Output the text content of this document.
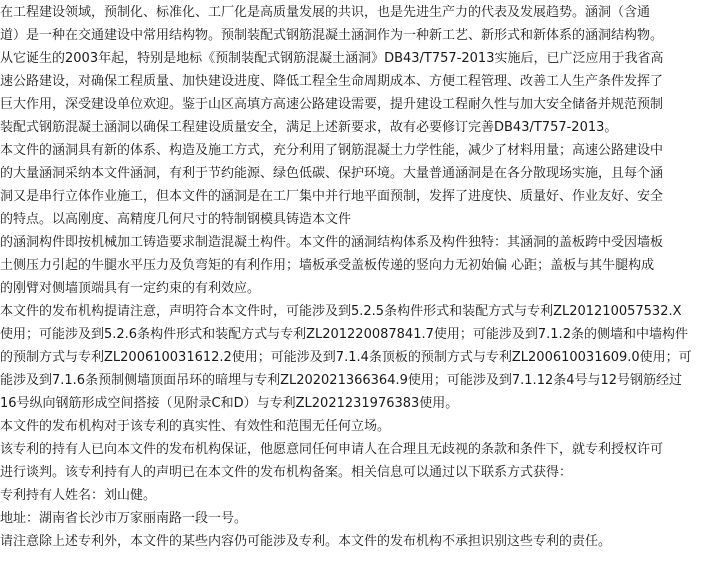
在工程建设领域，预制化、标准化、工厂化是高质量发展的共识，也是先进生产力的代表及发展趋势。涵洞（含通
道）是一种在交通建设中常用结构物。预制装配式钢筋混凝土涵洞作为一种新工艺、新形式和新体系的涵洞结构物。
从它诞生的2003年起，特别是地标《预制装配式钢筋混凝土涵洞》DB43/T757-2013实施后，已广泛应用于我省高
速公路建设，对确保工程质量、加快建设进度、降低工程全生命周期成本、方便工程管理、改善工人生产条件发挥了
巨大作用，深受建设单位欢迎。鉴于山区高填方高速公路建设需要，提升建设工程耐久性与加大安全储备并规范预制
装配式钢筋混凝土涵洞以确保工程建设质量安全，满足上述新要求，故有必要修订完善DB43/T757-2013。
本文件的涵洞具有新的体系、构造及施工方式，充分利用了钢筋混凝土力学性能，减少了材料用量；高速公路建设中
的大量涵洞采纳本文件涵洞，有利于节约能源、绿色低碳、保护环境。大量普通涵洞是在各分散现场实施，且每个涵
洞又是串行立体作业施工，但本文件的涵洞是在工厂集中并行地平面预制，发挥了进度快、质量好、作业友好、安全
的特点。以高刚度、高精度几何尺寸的特制钢模具铸造本文件
的涵洞构件即按机械加工铸造要求制造混凝土构件。本文件的涵洞结构体系及构件独特：其涵洞的盖板跨中受因墙板
土侧压力引起的牛腿水平压力及负弯矩的有利作用；墙板承受盖板传递的竖向力无初始偏 心距；盖板与其牛腿构成
的刚臂对侧墙顶端具有一定约束的有利效应。
本文件的发布机构提请注意，声明符合本文件时，可能涉及到5.2.5条构件形式和装配方式与专利ZL201210057532.X
使用；可能涉及到5.2.6条构件形式和装配方式与专利ZL201220087841.7使用；可能涉及到7.1.2条的侧墙和中墙构件
的预制方式与专利ZL200610031612.2使用；可能涉及到7.1.4条顶板的预制方式与专利ZL200610031609.0使用；可
能涉及到7.1.6条预制侧墙顶面吊环的暗埋与专利ZL202021366364.9使用；可能涉及到7.1.12条4号与12号钢筋经过
16号纵向钢筋形成空间搭接（见附录C和D）与专利ZL2021231976383使用。
本文件的发布机构对于该专利的真实性、有效性和范围无任何立场。
该专利的持有人已向本文件的发布机构保证，他愿意同任何申请人在合理且无歧视的条款和条件下，就专利授权许可
进行谈判。该专利持有人的声明已在本文件的发布机构备案。相关信息可以通过以下联系方式获得：
专利持有人姓名：刘山健。
地址：湖南省长沙市万家丽南路一段一号。
请注意除上述专利外，本文件的某些内容仍可能涉及专利。本文件的发布机构不承担识别这些专利的责任。
